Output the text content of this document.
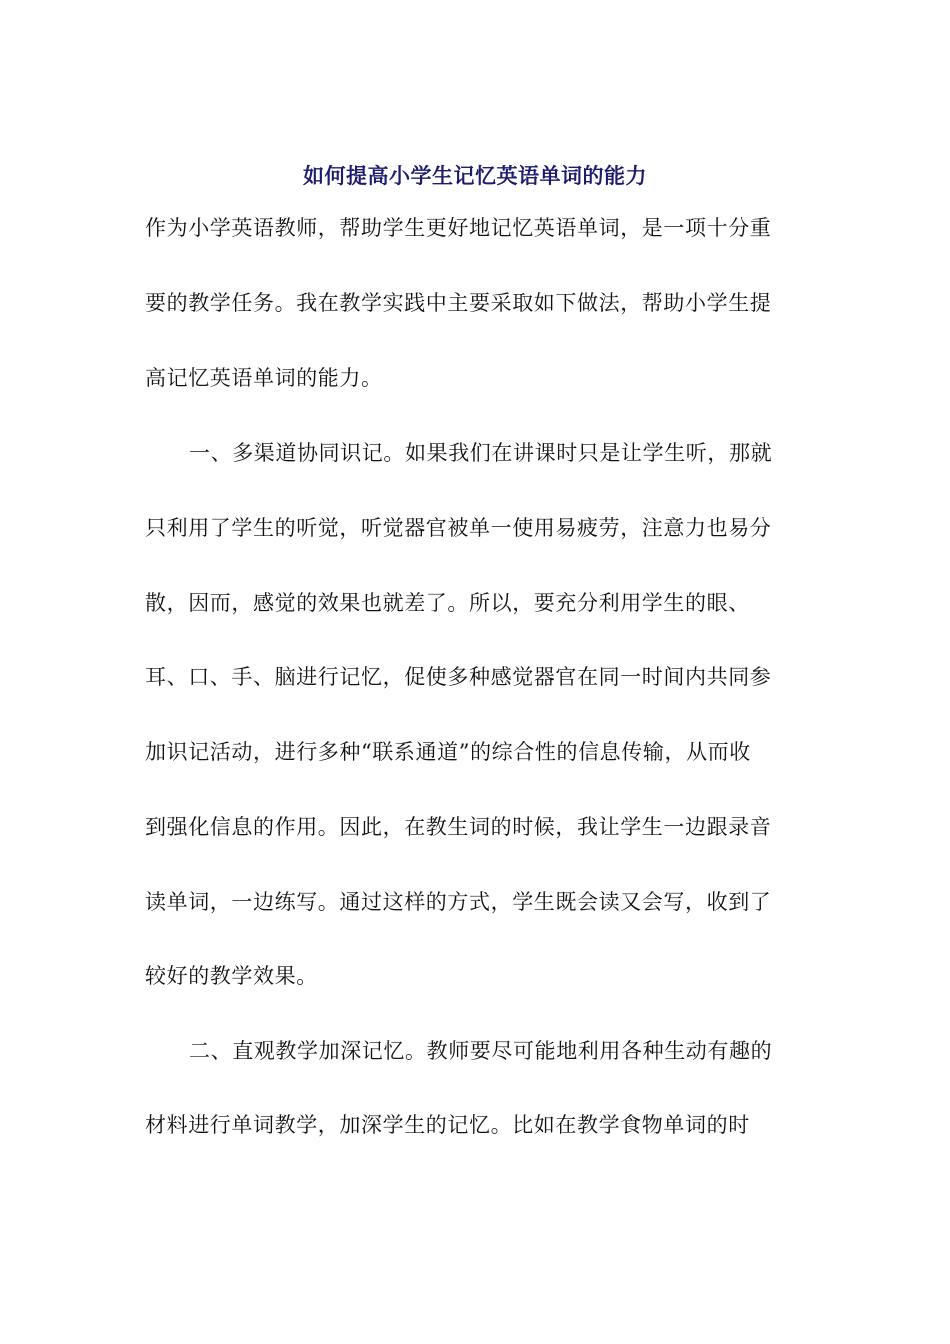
如何提高小学生记忆英语单词的能力
作为小学英语教师，帮助学生更好地记忆英语单词，是一项十分重
要的教学任务。我在教学实践中主要采取如下做法，帮助小学生提
高记忆英语单词的能力。
一、多渠道协同识记。如果我们在讲课时只是让学生听，那就
只利用了学生的听觉，听觉器官被单一使用易疲劳，注意力也易分
散，因而，感觉的效果也就差了。所以，要充分利用学生的眼、
耳、口、手、脑进行记忆，促使多种感觉器官在同一时间内共同参
加识记活动，进行多种“联系通道”的综合性的信息传输，从而收
到强化信息的作用。因此，在教生词的时候，我让学生一边跟录音
读单词，一边练写。通过这样的方式，学生既会读又会写，收到了
较好的教学效果。
二、直观教学加深记忆。教师要尽可能地利用各种生动有趣的
材料进行单词教学，加深学生的记忆。比如在教学食物单词的时
